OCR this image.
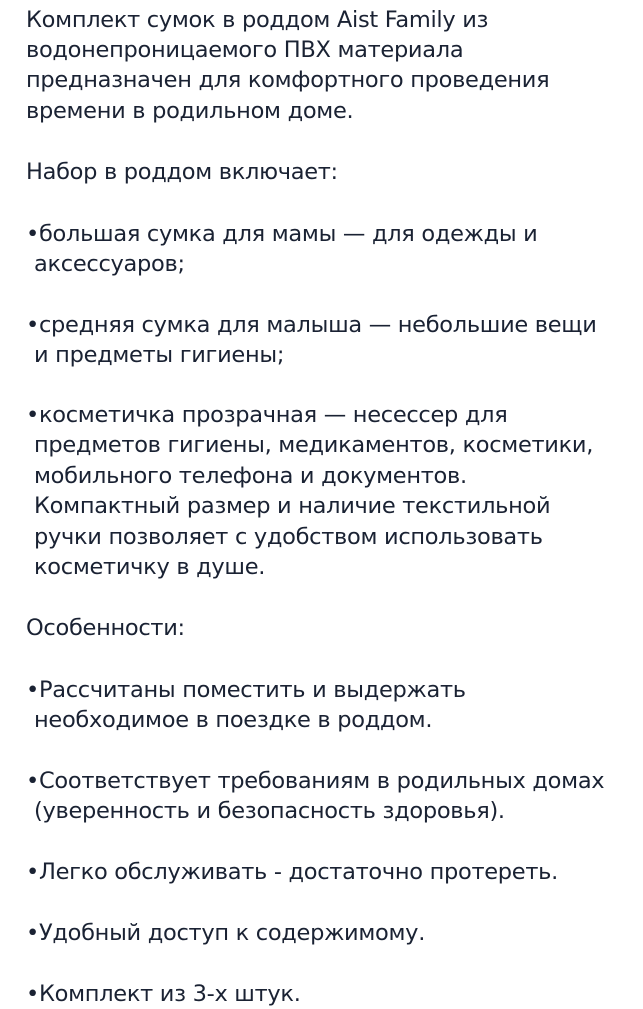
Комплект сумок в роддом Aist Family из
водонепроницаемого ПВХ материала
предназначен для комфортного проведения
времени в родильном доме.
Набор в роддом включает:
•большая сумка для мамы — для одежды и
аксессуаров;
•средняя сумка для малыша — небольшие вещи
и предметы гигиены;
•косметичка прозрачная — несессер для
предметов гигиены, медикаментов, косметики,
мобильного телефона и документов.
Компактный размер и наличие текстильной
ручки позволяет с удобством использовать
косметичку в душе.
Особенности:
•Рассчитаны поместить и выдержать
необходимое в поездке в роддом.
•Соответствует требованиям в родильных домах
(уверенность и безопасность здоровья).
•Легко обслуживать - достаточно протереть.
•Удобный доступ к содержимому.
•Комплект из 3-х штук.
